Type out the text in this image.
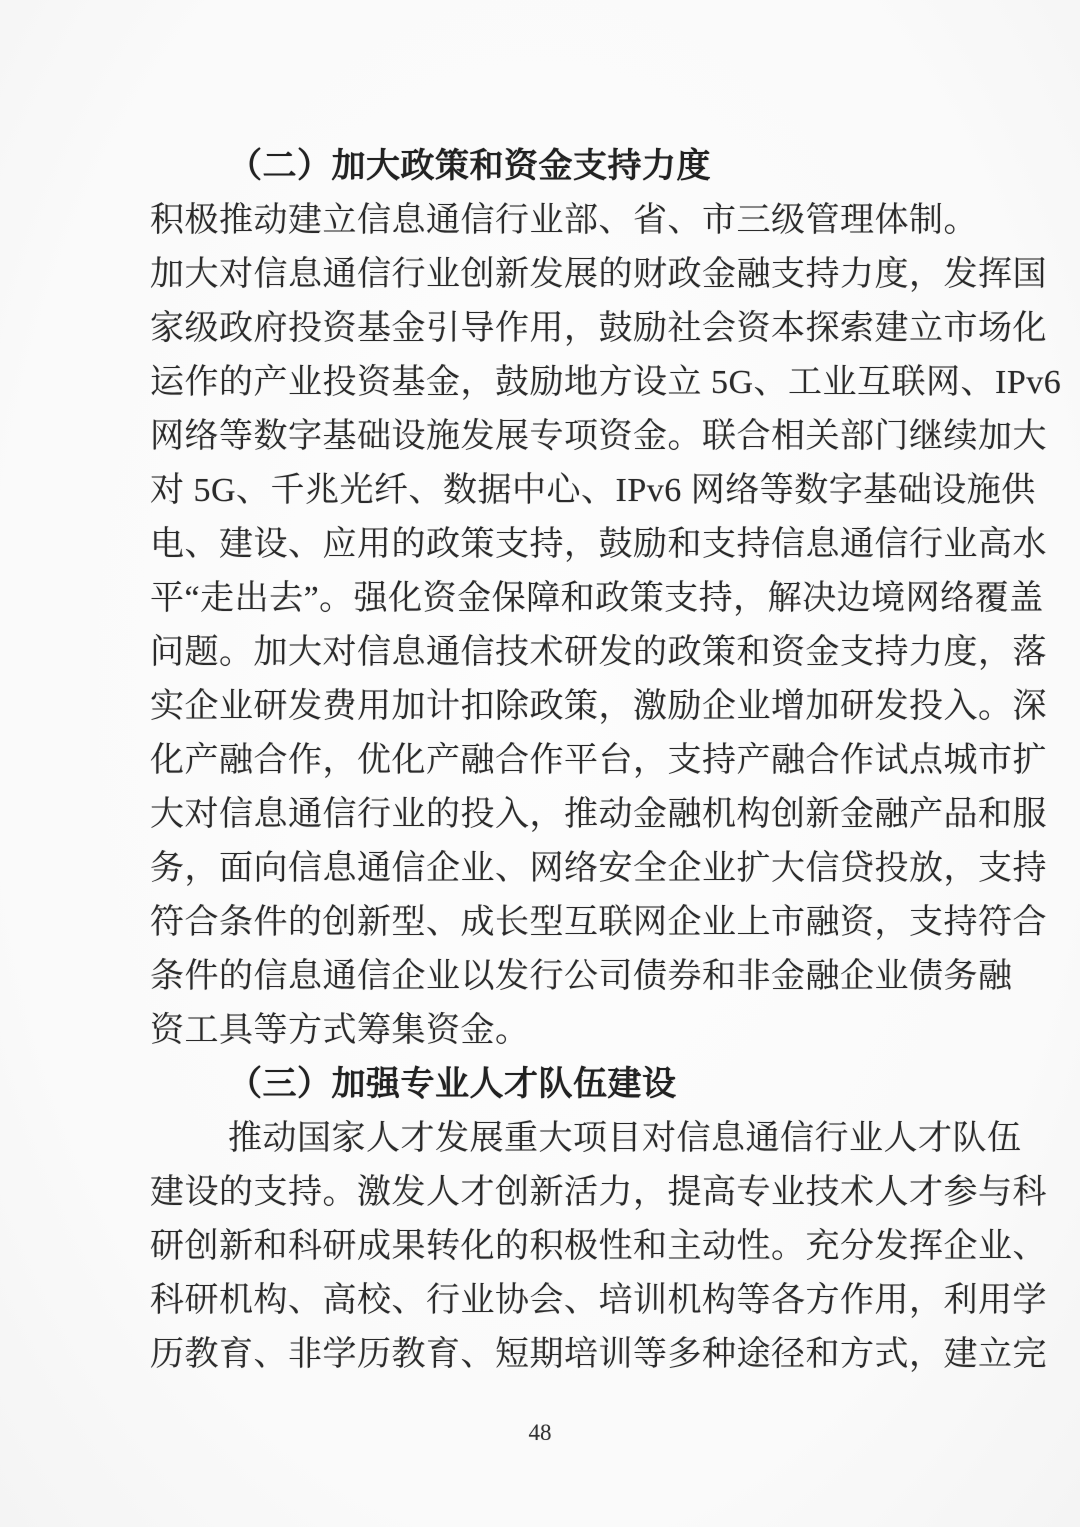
（二）加大政策和资金支持力度
积极推动建立信息通信行业部、省、市三级管理体制。
加大对信息通信行业创新发展的财政金融支持力度，发挥国
家级政府投资基金引导作用，鼓励社会资本探索建立市场化
运作的产业投资基金，鼓励地方设立 5G、工业互联网、IPv6
网络等数字基础设施发展专项资金。联合相关部门继续加大
对 5G、千兆光纤、数据中心、IPv6 网络等数字基础设施供
电、建设、应用的政策支持，鼓励和支持信息通信行业高水
平“走出去”。强化资金保障和政策支持，解决边境网络覆盖
问题。加大对信息通信技术研发的政策和资金支持力度，落
实企业研发费用加计扣除政策，激励企业增加研发投入。深
化产融合作，优化产融合作平台，支持产融合作试点城市扩
大对信息通信行业的投入，推动金融机构创新金融产品和服
务，面向信息通信企业、网络安全企业扩大信贷投放，支持
符合条件的创新型、成长型互联网企业上市融资，支持符合
条件的信息通信企业以发行公司债券和非金融企业债务融
资工具等方式筹集资金。
（三）加强专业人才队伍建设
推动国家人才发展重大项目对信息通信行业人才队伍
建设的支持。激发人才创新活力，提高专业技术人才参与科
研创新和科研成果转化的积极性和主动性。充分发挥企业、
科研机构、高校、行业协会、培训机构等各方作用，利用学
历教育、非学历教育、短期培训等多种途径和方式，建立完
48
